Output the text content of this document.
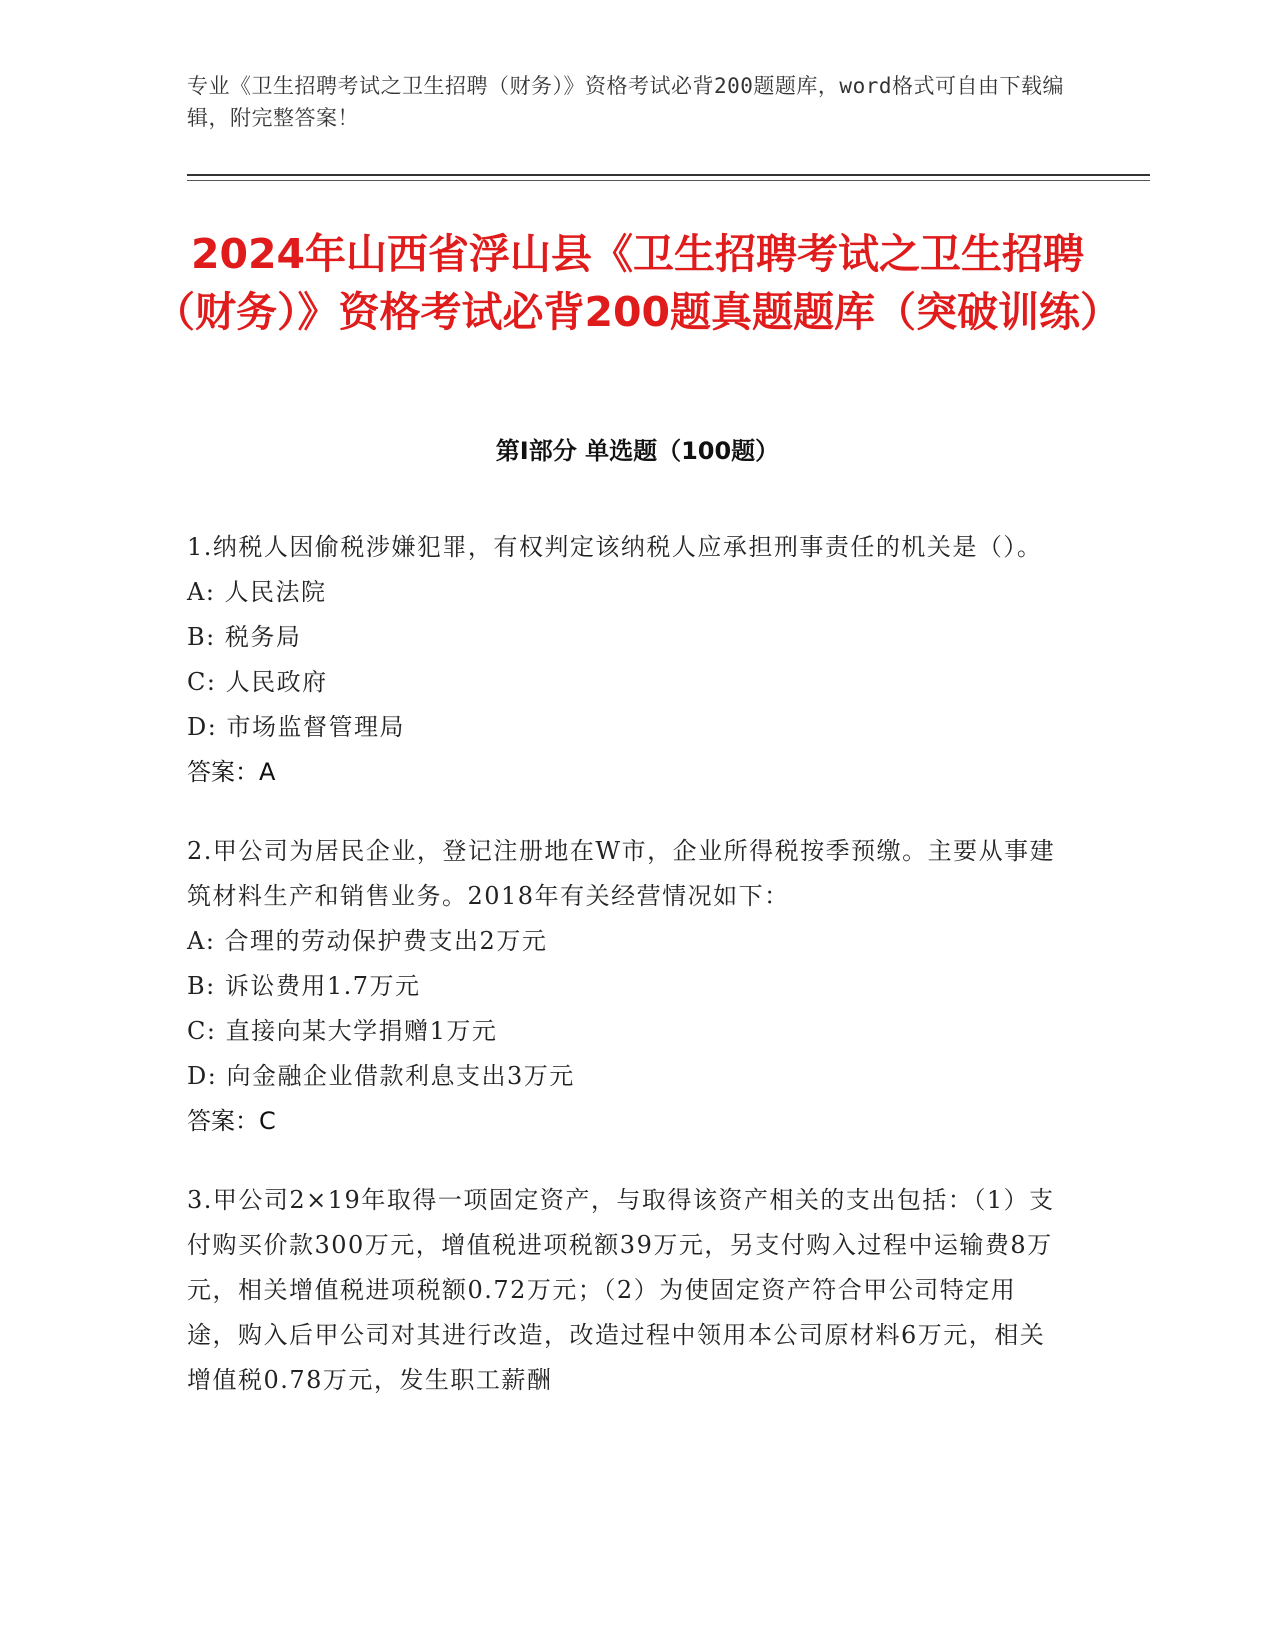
专业《卫生招聘考试之卫生招聘（财务）》资格考试必背200题题库，word格式可自由下载编辑，附完整答案！

2024年山西省浮山县《卫生招聘考试之卫生招聘（财务）》资格考试必背200题真题题库（突破训练）
第I部分 单选题（100题）

1.纳税人因偷税涉嫌犯罪，有权判定该纳税人应承担刑事责任的机关是（）。

A: 人民法院

B: 税务局

C: 人民政府

D: 市场监督管理局

答案：A

2.甲公司为居民企业，登记注册地在W市，企业所得税按季预缴。主要从事建筑材料生产和销售业务。2018年有关经营情况如下：

A: 合理的劳动保护费支出2万元

B: 诉讼费用1.7万元

C: 直接向某大学捐赠1万元

D: 向金融企业借款利息支出3万元

答案：C

3.甲公司2×19年取得一项固定资产，与取得该资产相关的支出包括：（1）支付购买价款300万元，增值税进项税额39万元，另支付购入过程中运输费8万元，相关增值税进项税额0.72万元；（2）为使固定资产符合甲公司特定用途，购入后甲公司对其进行改造，改造过程中领用本公司原材料6万元，相关增值税0.78万元，发生职工薪酬
